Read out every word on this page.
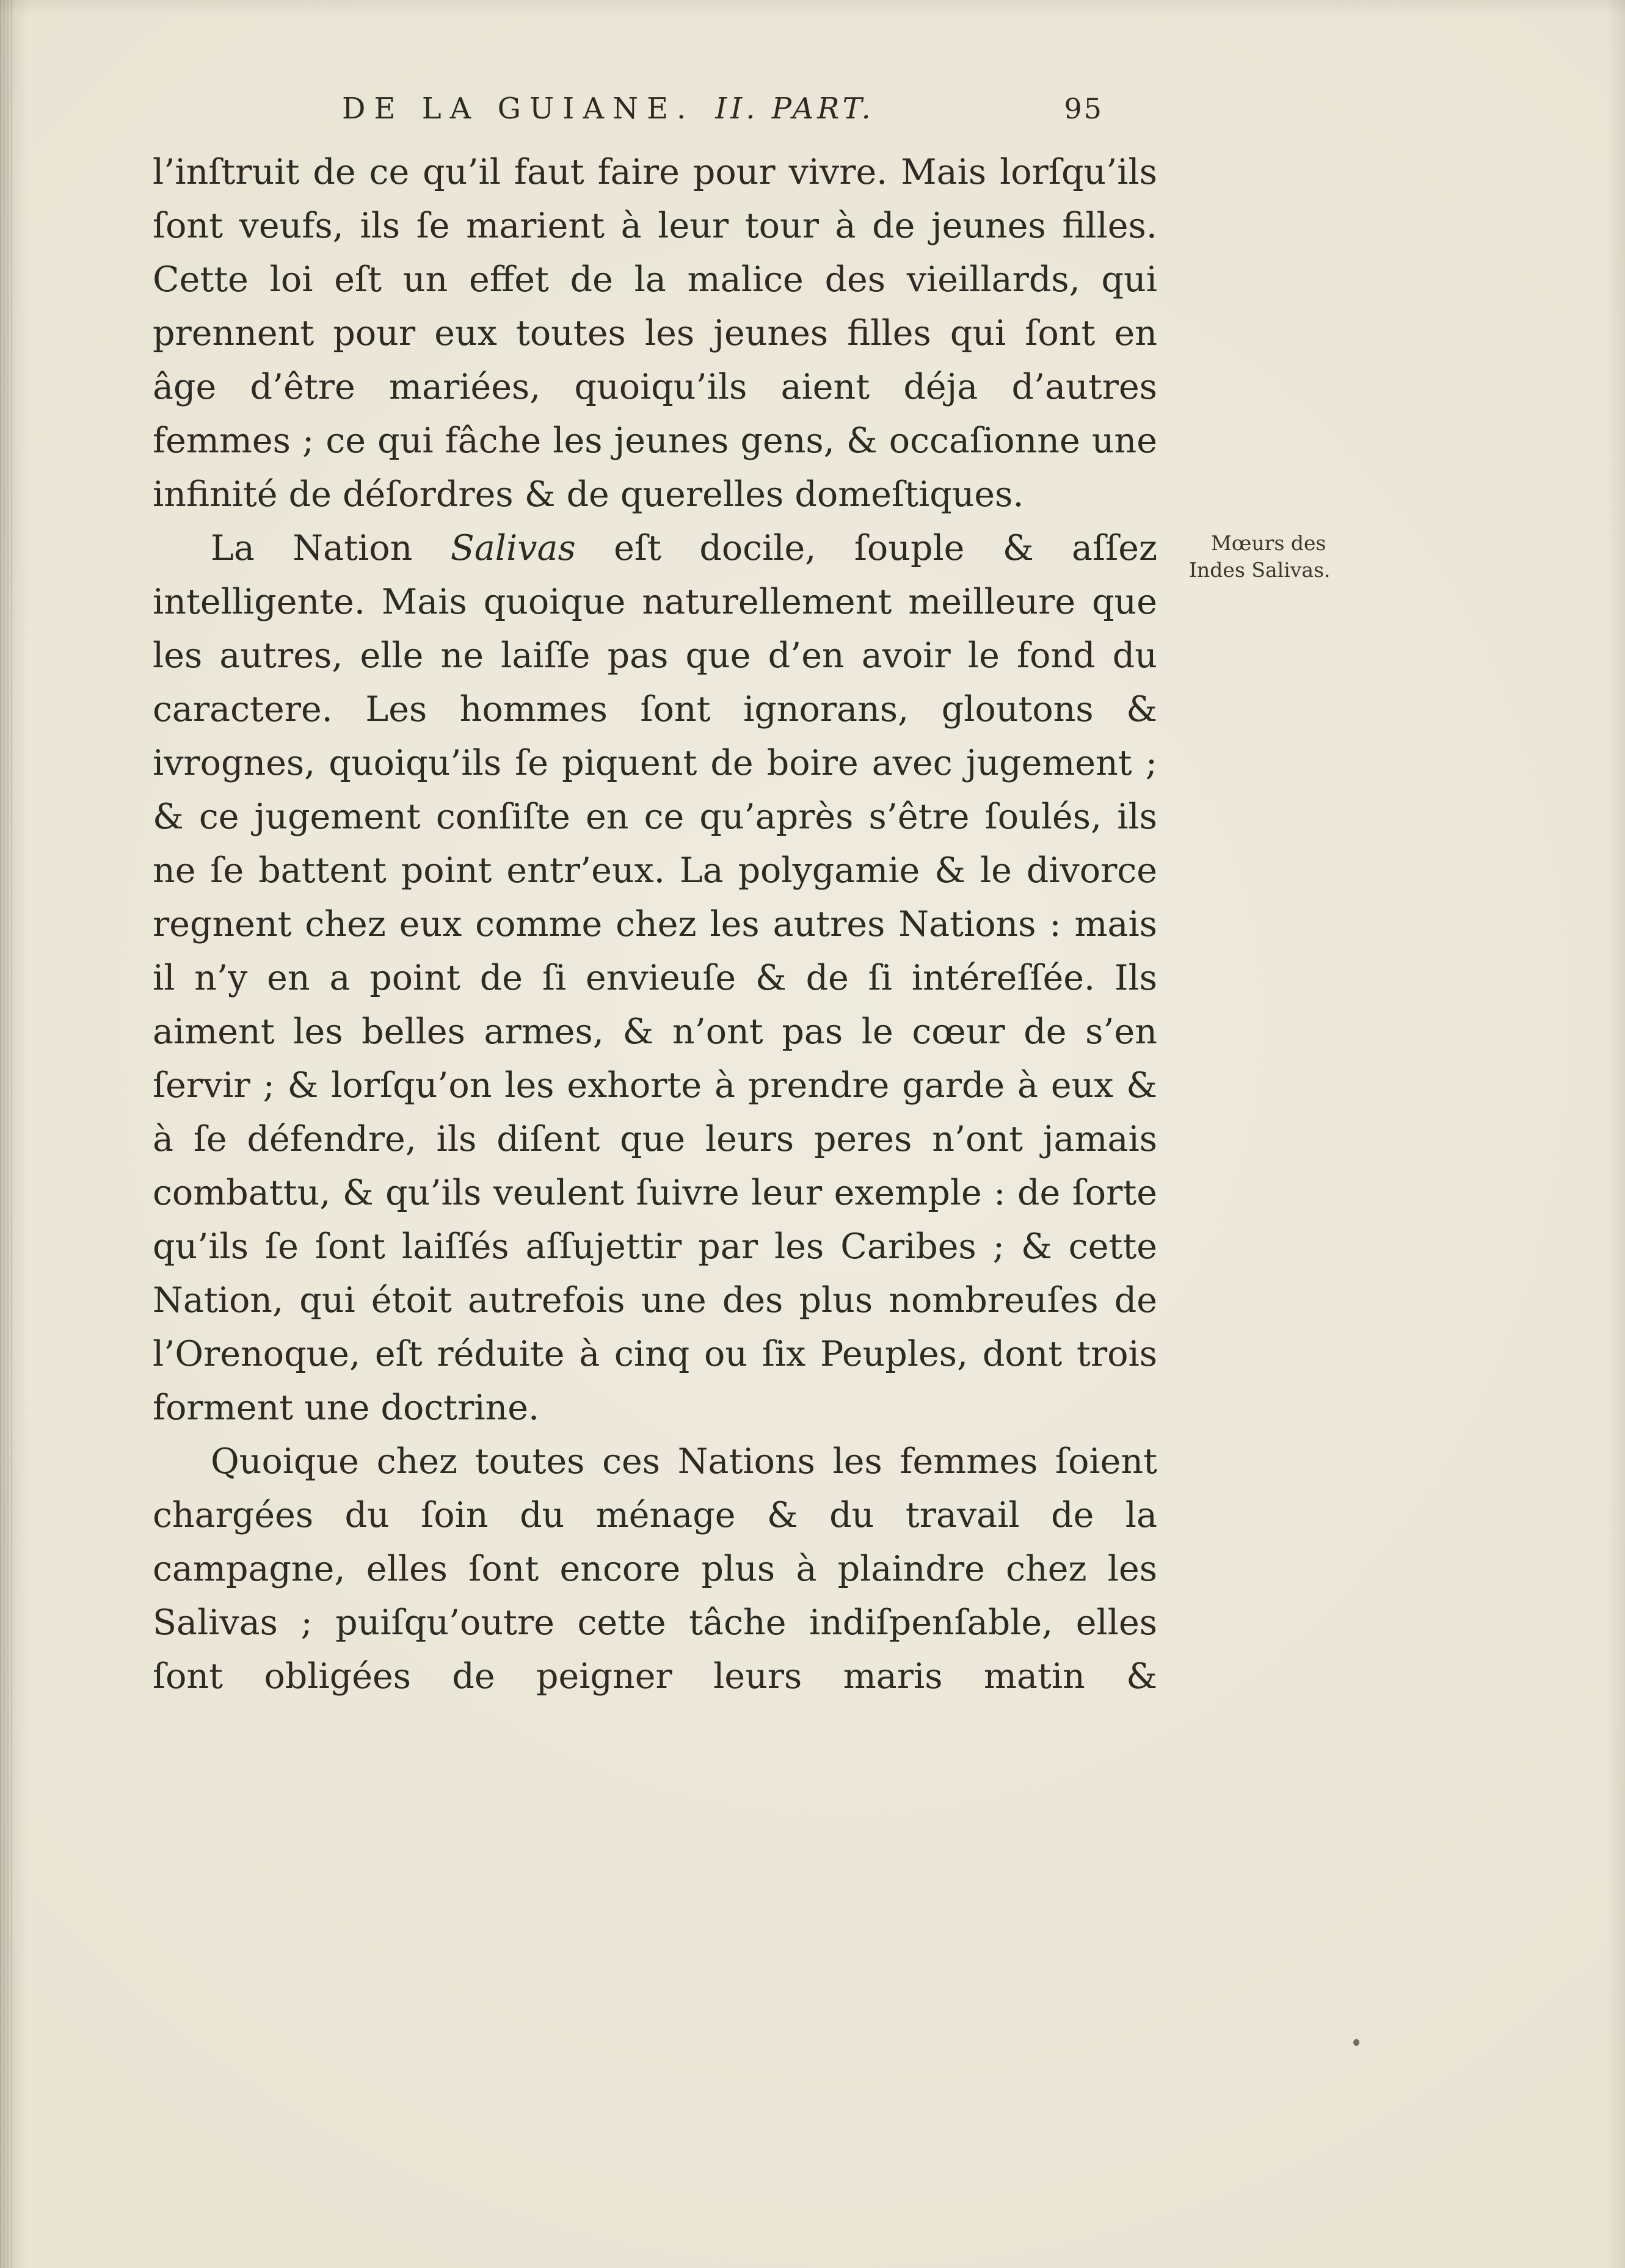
DE LA GUIANE. II. PART.	95

l’inſtruit de ce qu’il faut faire pour vivre. Mais lorſqu’ils ſont veufs, ils ſe marient à leur tour à de jeunes filles. Cette loi eſt un effet de la malice des vieillards, qui prennent pour eux toutes les jeunes filles qui ſont en âge d’être mariées, quoiqu’ils aient déja d’autres femmes ; ce qui fâche les jeunes gens, & occaſionne une infinité de déſordres & de querelles domeſtiques.

La Nation Salivas eſt docile, ſouple & aſſez intelligente. Mais quoique naturellement meilleure que les autres, elle ne laiſſe pas que d’en avoir le fond du caractere. Les hommes ſont ignorans, gloutons & ivrognes, quoiqu’ils ſe piquent de boire avec jugement ; & ce jugement conſiſte en ce qu’après s’être ſoulés, ils ne ſe battent point entr’eux. La polygamie & le divorce regnent chez eux comme chez les autres Nations : mais il n’y en a point de ſi envieuſe & de ſi intéreſſée. Ils aiment les belles armes, & n’ont pas le cœur de s’en ſervir ; & lorſqu’on les exhorte à prendre garde à eux & à ſe défendre, ils diſent que leurs peres n’ont jamais combattu, & qu’ils veulent ſuivre leur exemple : de ſorte qu’ils ſe ſont laiſſés aſſujettir par les Caribes ; & cette Nation, qui étoit autrefois une des plus nombreuſes de l’Orenoque, eſt réduite à cinq ou ſix Peuples, dont trois forment une doctrine.

Mœurs des
Indes Salivas.

Quoique chez toutes ces Nations les femmes ſoient chargées du ſoin du ménage & du travail de la campagne, elles ſont encore plus à plaindre chez les Salivas ; puiſqu’outre cette tâche indiſpenſable, elles ſont obligées de peigner leurs maris matin &
